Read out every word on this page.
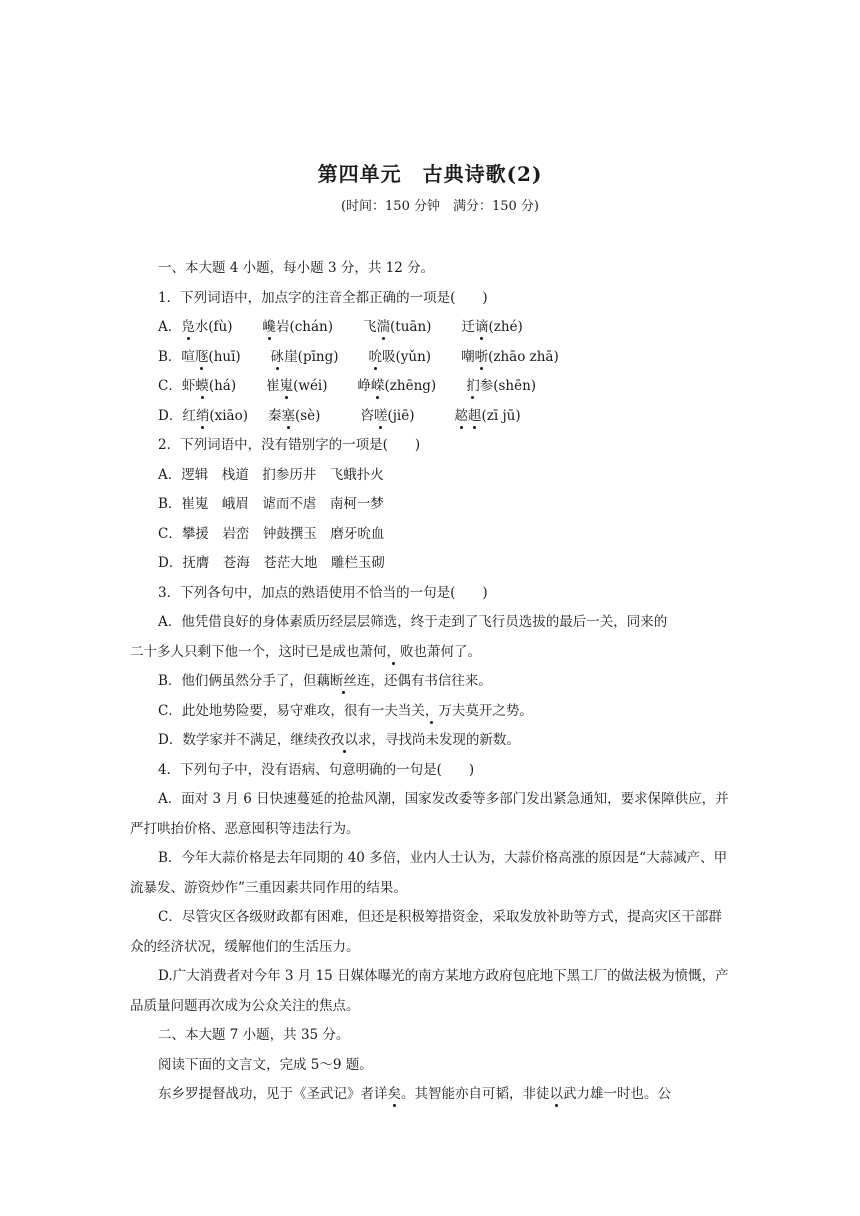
第四单元　古典诗歌(2)
(时间：150 分钟　满分：150 分)

一、本大题 4 小题，每小题 3 分，共 12 分。

1．下列词语中，加点字的注音全都正确的一项是(　　)

A．凫水(fù) 巉岩(chán) 飞湍(tuān) 迁谪(zhé)

B．喧豗(huī) 砯崖(pīng) 吮吸(yǔn) 嘲哳(zhāo zhā)

C．虾蟆(há) 崔嵬(wéi) 峥嵘(zhēng) 扪参(shēn)

D．红绡(xiāo) 秦塞(sè)	咨嗟(jiē)	趑趄(zī jū)

2．下列词语中，没有错别字的一项是(　　)

A．逻辑　栈道　扪参历井　飞蛾扑火

B．崔嵬　峨眉　谑而不虐　南柯一梦

C．攀援　岩峦　钟鼓撰玉　磨牙吮血

D．抚膺　苍海　苍茫大地　雕栏玉砌

3．下列各句中，加点的熟语使用不恰当的一句是(　　)

A．他凭借良好的身体素质历经层层筛选，终于走到了飞行员选拔的最后一关，同来的

二十多人只剩下他一个，这时已是成也萧何，败也萧何了。

B．他们俩虽然分手了，但藕断丝连，还偶有书信往来。

C．此处地势险要，易守难攻，很有一夫当关，万夫莫开之势。

D．数学家并不满足，继续孜孜以求，寻找尚未发现的新数。

4．下列句子中，没有语病、句意明确的一句是(　　)

A．面对 3 月 6 日快速蔓延的抢盐风潮，国家发改委等多部门发出紧急通知，要求保障供应，并严打哄抬价格、恶意囤积等违法行为。

B．今年大蒜价格是去年同期的 40 多倍，业内人士认为，大蒜价格高涨的原因是“大蒜减产、甲流暴发、游资炒作”三重因素共同作用的结果。

C．尽管灾区各级财政都有困难，但还是积极筹措资金，采取发放补助等方式，提高灾区干部群众的经济状况，缓解他们的生活压力。

D.广大消费者对今年 3 月 15 日媒体曝光的南方某地方政府包庇地下黑工厂的做法极为愤慨，产品质量问题再次成为公众关注的焦点。

二、本大题 7 小题，共 35 分。

阅读下面的文言文，完成 5～9 题。

东乡罗提督战功，见于《圣武记》者详矣。其智能亦自可韬，非徒以武力雄一时也。公
